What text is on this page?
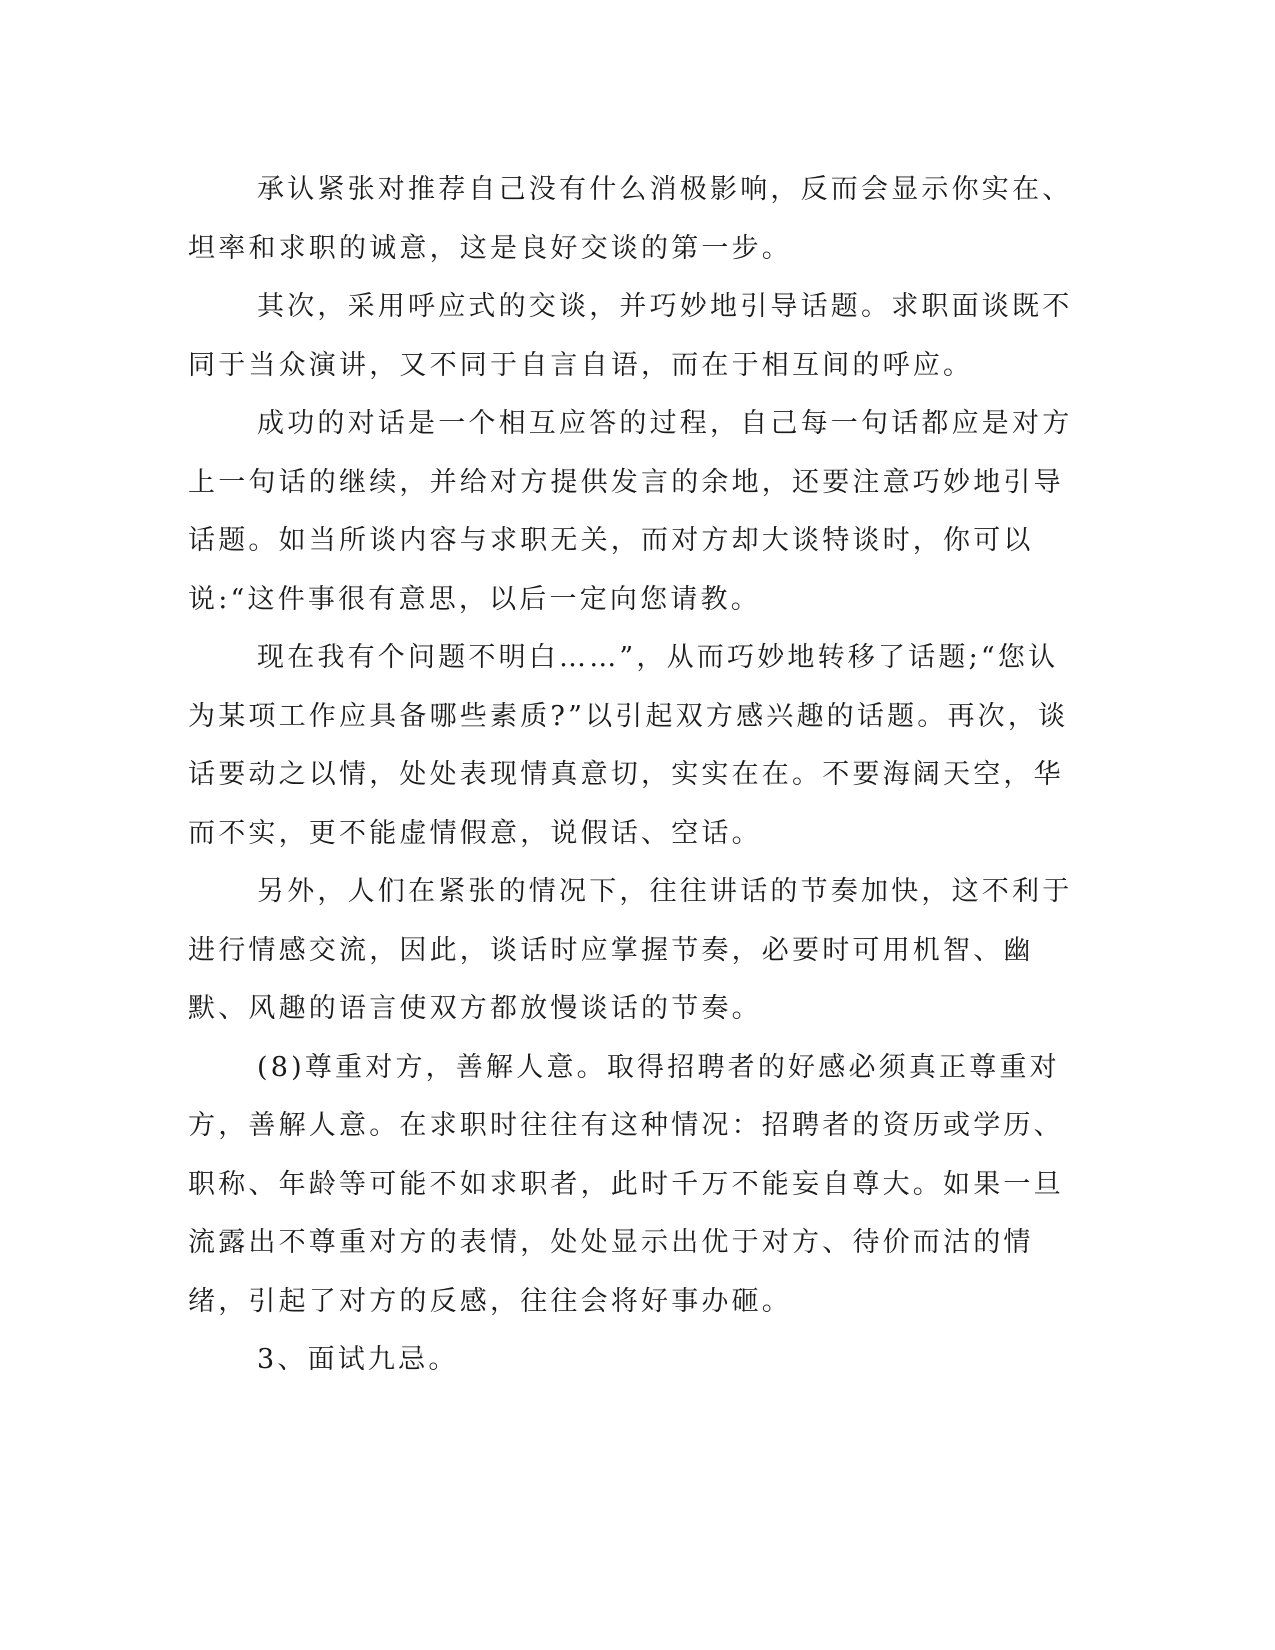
承认紧张对推荐自己没有什么消极影响，反而会显示你实在、坦率和求职的诚意，这是良好交谈的第一步。

其次，采用呼应式的交谈，并巧妙地引导话题。求职面谈既不同于当众演讲，又不同于自言自语，而在于相互间的呼应。

成功的对话是一个相互应答的过程，自己每一句话都应是对方上一句话的继续，并给对方提供发言的余地，还要注意巧妙地引导话题。如当所谈内容与求职无关，而对方却大谈特谈时，你可以说:“这件事很有意思，以后一定向您请教。

现在我有个问题不明白……”，从而巧妙地转移了话题;“您认为某项工作应具备哪些素质?”以引起双方感兴趣的话题。再次，谈话要动之以情，处处表现情真意切，实实在在。不要海阔天空，华而不实，更不能虚情假意，说假话、空话。

另外，人们在紧张的情况下，往往讲话的节奏加快，这不利于进行情感交流，因此，谈话时应掌握节奏，必要时可用机智、幽默、风趣的语言使双方都放慢谈话的节奏。

(8)尊重对方，善解人意。取得招聘者的好感必须真正尊重对方，善解人意。在求职时往往有这种情况：招聘者的资历或学历、职称、年龄等可能不如求职者，此时千万不能妄自尊大。如果一旦流露出不尊重对方的表情，处处显示出优于对方、待价而沽的情绪，引起了对方的反感，往往会将好事办砸。

3、面试九忌。
